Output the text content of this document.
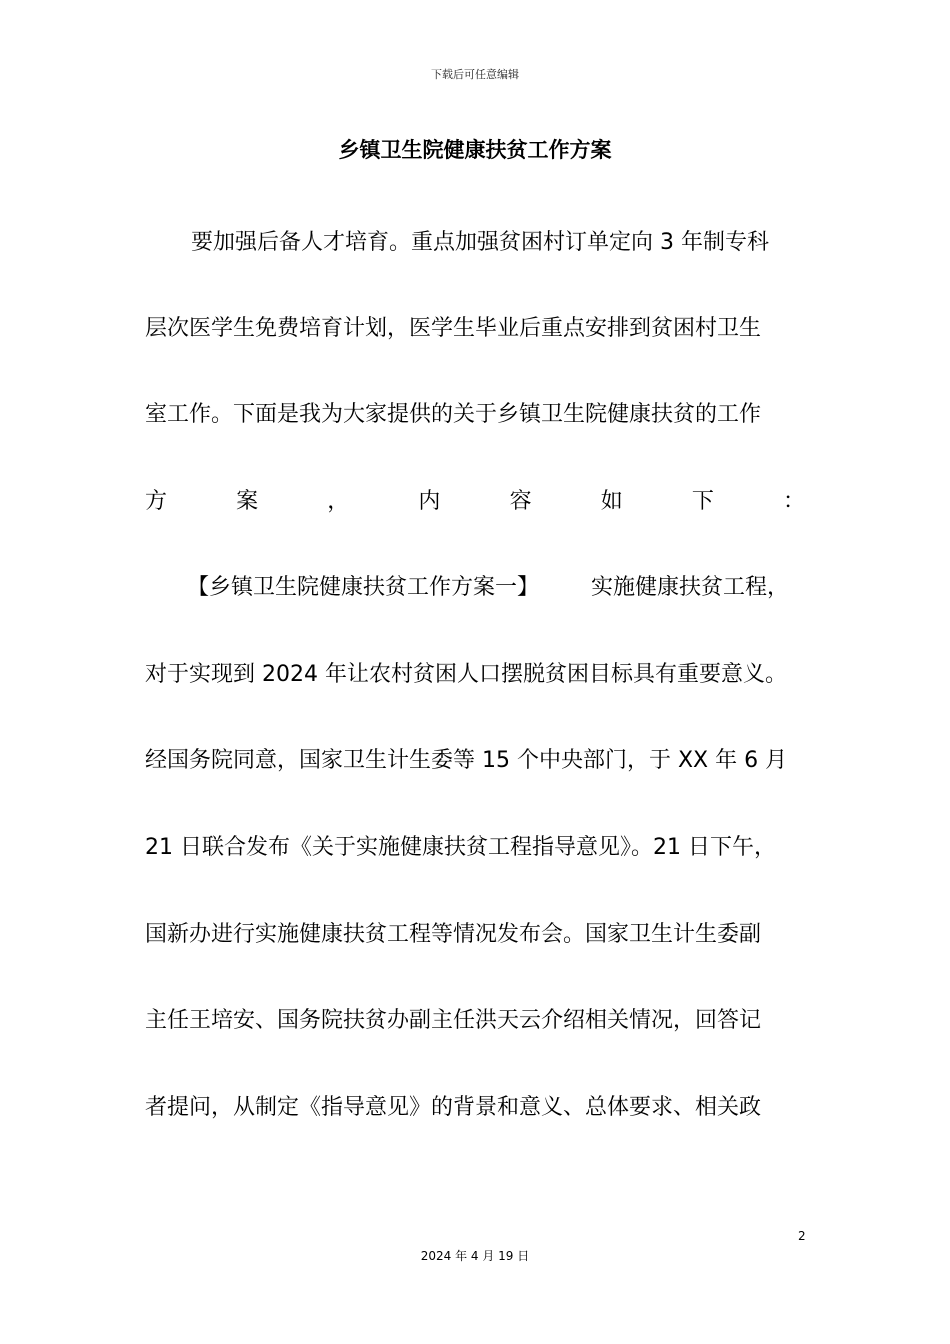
下载后可任意编辑
乡镇卫生院健康扶贫工作方案
要加强后备人才培育。重点加强贫困村订单定向 3 年制专科
层次医学生免费培育计划，医学生毕业后重点安排到贫困村卫生
室工作。下面是我为大家提供的关于乡镇卫生院健康扶贫的工作
方	案	，	内	容	如	下	：
【乡镇卫生院健康扶贫工作方案一】 实施健康扶贫工程，
对于实现到 2024 年让农村贫困人口摆脱贫困目标具有重要意义。
经国务院同意，国家卫生计生委等 15 个中央部门，于 XX 年 6 月
21 日联合发布《关于实施健康扶贫工程指导意见》。21 日下午，
国新办进行实施健康扶贫工程等情况发布会。国家卫生计生委副
主任王培安、国务院扶贫办副主任洪天云介绍相关情况，回答记
者提问，从制定《指导意见》的背景和意义、总体要求、相关政
2
2024 年 4 月 19 日
